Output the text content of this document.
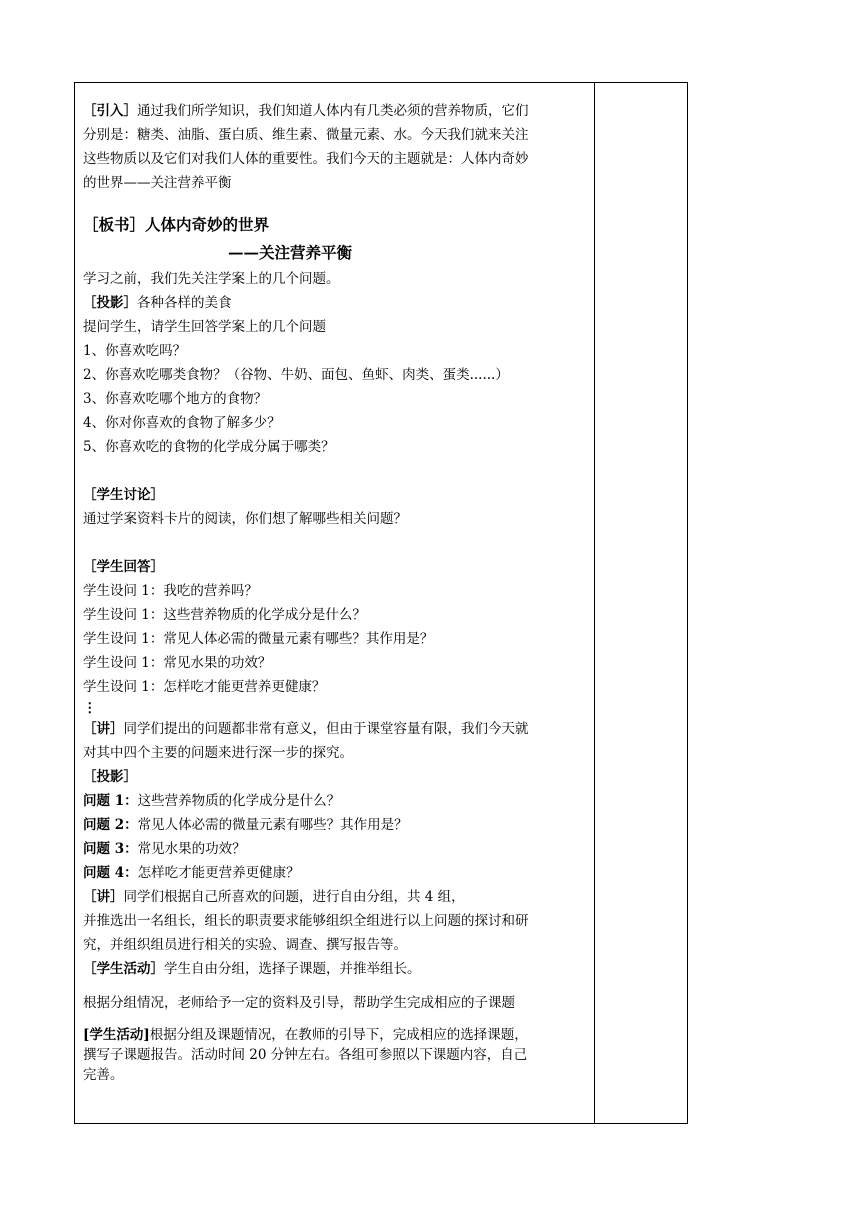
［引入］通过我们所学知识，我们知道人体内有几类必须的营养物质，它们
分别是：糖类、油脂、蛋白质、维生素、微量元素、水。今天我们就来关注
这些物质以及它们对我们人体的重要性。我们今天的主题就是：人体内奇妙
的世界——关注营养平衡
［板书］人体内奇妙的世界
——关注营养平衡
学习之前，我们先关注学案上的几个问题。
［投影］各种各样的美食
提问学生，请学生回答学案上的几个问题
1、你喜欢吃吗？
2、你喜欢吃哪类食物？（谷物、牛奶、面包、鱼虾、肉类、蛋类......）
3、你喜欢吃哪个地方的食物？
4、你对你喜欢的食物了解多少？
5、你喜欢吃的食物的化学成分属于哪类？
［学生讨论］
通过学案资料卡片的阅读，你们想了解哪些相关问题？
［学生回答］
学生设问 1：我吃的营养吗？
学生设问 1：这些营养物质的化学成分是什么？
学生设问 1：常见人体必需的微量元素有哪些？其作用是？
学生设问 1：常见水果的功效？
学生设问 1：怎样吃才能更营养更健康？
⋮
［讲］同学们提出的问题都非常有意义，但由于课堂容量有限，我们今天就
对其中四个主要的问题来进行深一步的探究。
［投影］
问题 1：这些营养物质的化学成分是什么？
问题 2：常见人体必需的微量元素有哪些？其作用是？
问题 3：常见水果的功效？
问题 4：怎样吃才能更营养更健康？
［讲］同学们根据自己所喜欢的问题，进行自由分组，共 4 组，
并推选出一名组长，组长的职责要求能够组织全组进行以上问题的探讨和研
究，并组织组员进行相关的实验、调查、撰写报告等。
［学生活动］学生自由分组，选择子课题，并推举组长。
根据分组情况，老师给予一定的资料及引导，帮助学生完成相应的子课题
[学生活动]根据分组及课题情况，在教师的引导下，完成相应的选择课题，
撰写子课题报告。活动时间 20 分钟左右。各组可参照以下课题内容，自己
完善。
